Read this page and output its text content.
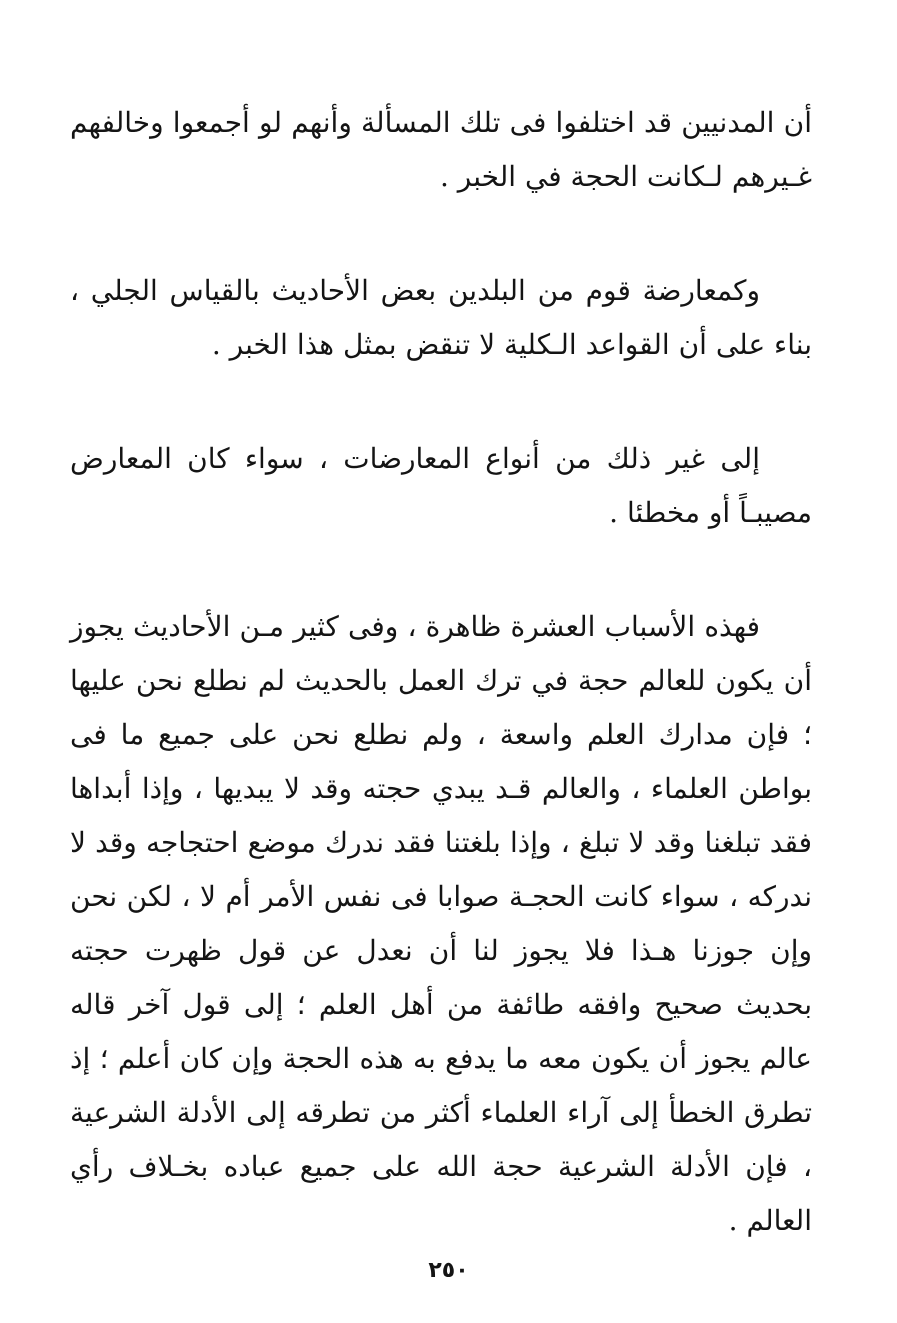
أن المدنيين قد اختلفوا فى تلك المسألة وأنهم لو أجمعوا وخالفهم غـيرهم لـكانت الحجة في الخبر .

وكمعارضة قوم من البلدين بعض الأحاديث بالقياس الجلي ، بناء على أن القواعد الـكلية لا تنقض بمثل هذا الخبر .

إلى غير ذلك من أنواع المعارضات ، سواء كان المعارض مصيبـاً أو مخطئا .

فهذه الأسباب العشرة ظاهرة ، وفى كثير مـن الأحاديث يجوز أن يكون للعالم حجة في ترك العمل بالحديث لم نطلع نحن عليها ؛ فإن مدارك العلم واسعة ، ولم نطلع نحن على جميع ما فى بواطن العلماء ، والعالم قـد يبدي حجته وقد لا يبديها ، وإذا أبداها فقد تبلغنا وقد لا تبلغ ، وإذا بلغتنا فقد ندرك موضع احتجاجه وقد لا ندركه ، سواء كانت الحجـة صوابا فى نفس الأمر أم لا ، لكن نحن وإن جوزنا هـذا فلا يجوز لنا أن نعدل عن قول ظهرت حجته بحديث صحيح وافقه طائفة من أهل العلم ؛ إلى قول آخر قاله عالم يجوز أن يكون معه ما يدفع به هذه الحجة وإن كان أعلم ؛ إذ تطرق الخطأ إلى آراء العلماء أكثر من تطرقه إلى الأدلة الشرعية ، فإن الأدلة الشرعية حجة الله على جميع عباده بخـلاف رأي العالم .

٢٥٠
